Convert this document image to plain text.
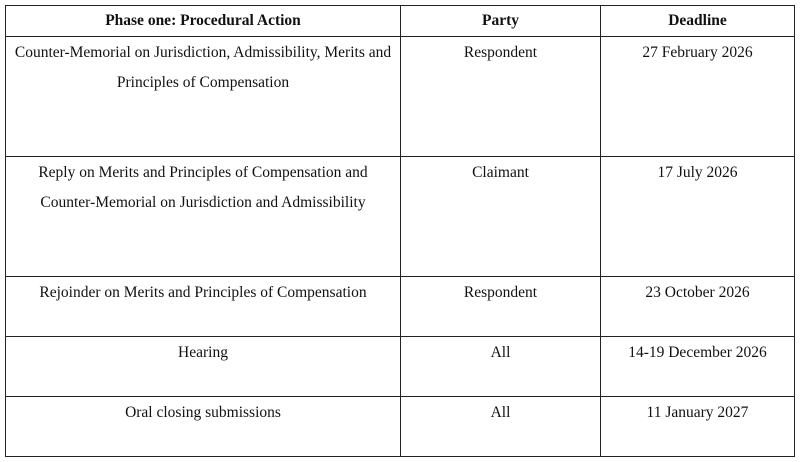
Phase one: Procedural Action	Party	Deadline

Counter-Memorial on Jurisdiction, Admissibility, Merits and Principles of Compensation	Respondent	27 February 2026

Reply on Merits and Principles of Compensation and Counter-Memorial on Jurisdiction and Admissibility	Claimant	17 July 2026

Rejoinder on Merits and Principles of Compensation	Respondent	23 October 2026

Hearing	All	14-19 December 2026

Oral closing submissions	All	11 January 2027
